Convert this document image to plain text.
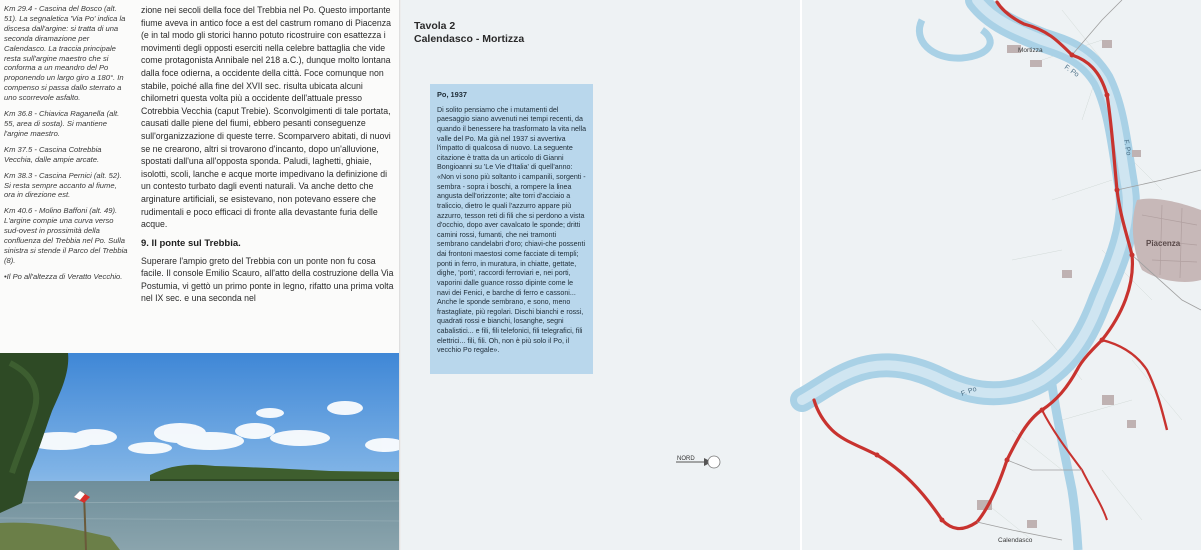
Km 29.4 - Cascina del Bosco (alt. 51). La segnaletica 'Via Po' indica la discesa dall'argine: si tratta di una seconda diramazione per Calendasco. La traccia principale resta sull'argine maestro che si conforma a un meandro del Po proponendo un largo giro a 180°. In compenso si passa dallo sterrato a uno scorrevole asfalto.

Km 36.8 - Chiavica Raganella (alt. 55, area di sosta). Si mantiene l'argine maestro.

Km 37.5 - Cascina Cotrebbia Vecchia, dalle ampie arcate.

Km 38.3 - Cascina Pernici (alt. 52). Si resta sempre accanto al fiume, ora in direzione est.

Km 40.6 - Molino Baffoni (alt. 49). L'argine compie una curva verso sud-ovest in prossimità della confluenza del Trebbia nel Po. Sulla sinistra si stende il Parco del Trebbia (8).

•Il Po all'altezza di Veratto Vecchio.

zione nei secoli della foce del Trebbia nel Po. Questo importante fiume aveva in antico foce a est del castrum romano di Piacenza (e in tal modo gli storici hanno potuto ricostruire con esattezza i movimenti degli opposti eserciti nella celebre battaglia che vide come protagonista Annibale nel 218 a.C.), dunque molto lontana dalla foce odierna, a occidente della città. Foce comunque non stabile, poiché alla fine del XVII sec. risulta ubicata alcuni chilometri questa volta più a occidente dell'attuale presso Cotrebbia Vecchia (caput Trebie). Sconvolgimenti di tale portata, causati dalle piene del fiumi, ebbero pesanti conseguenze sull'organizzazione di queste terre. Scomparvero abitati, di nuovi se ne crearono, altri si trovarono d'incanto, dopo un'alluvione, spostati dall'una all'opposta sponda. Paludi, laghetti, ghiaie, isolotti, scoli, lanche e acque morte impedivano la definizione di un contesto turbato dagli eventi naturali. Va anche detto che arginature artificiali, se esistevano, non potevano essere che rudimentali e poco efficaci di fronte alla devastante furia delle acque.

9. Il ponte sul Trebbia.

Superare l'ampio greto del Trebbia con un ponte non fu cosa facile. Il console Emilio Scauro, all'atto della costruzione della Via Postumia, vi gettò un primo ponte in legno, rifatto una prima volta nel IX sec. e una seconda nel

F. Po
F. Po
F. Po
Piacenza
Calendasco
Mortizza
Tavola 2
Calendasco - Mortizza

Po, 1937

Di solito pensiamo che i mutamenti del paesaggio siano avvenuti nei tempi recenti, da quando il benessere ha trasformato la vita nella valle del Po. Ma già nel 1937 si avvertiva l'impatto di qualcosa di nuovo. La seguente citazione è tratta da un articolo di Gianni Bongioanni su 'Le Vie d'Italia' di quell'anno: «Non vi sono più soltanto i campanili, sorgenti - sembra - sopra i boschi, a rompere la linea angusta dell'orizzonte; alte torri d'acciaio a traliccio, dietro le quali l'azzurro appare più azzurro, tesson reti di fili che si perdono a vista d'occhio, dopo aver cavalcato le sponde; dritti camini rossi, fumanti, che nei tramonti sembrano candelabri d'oro; chiavi-che possenti dai frontoni maestosi come facciate di templi; ponti in ferro, in muratura, in chiatte, gettate, dighe, 'porti', raccordi ferroviari e, nei porti, vaporini dalle guance rosso dipinte come le navi dei Fenici, e barche di ferro e cassoni... Anche le sponde sembrano, e sono, meno frastagliate, più regolari. Dischi bianchi e rossi, quadrati rossi e bianchi, losanghe, segni cabalistici... e fili, fili telefonici, fili telegrafici, fili elettrici... fili, fili. Oh, non è più solo il Po, il vecchio Po regale».

NORD
